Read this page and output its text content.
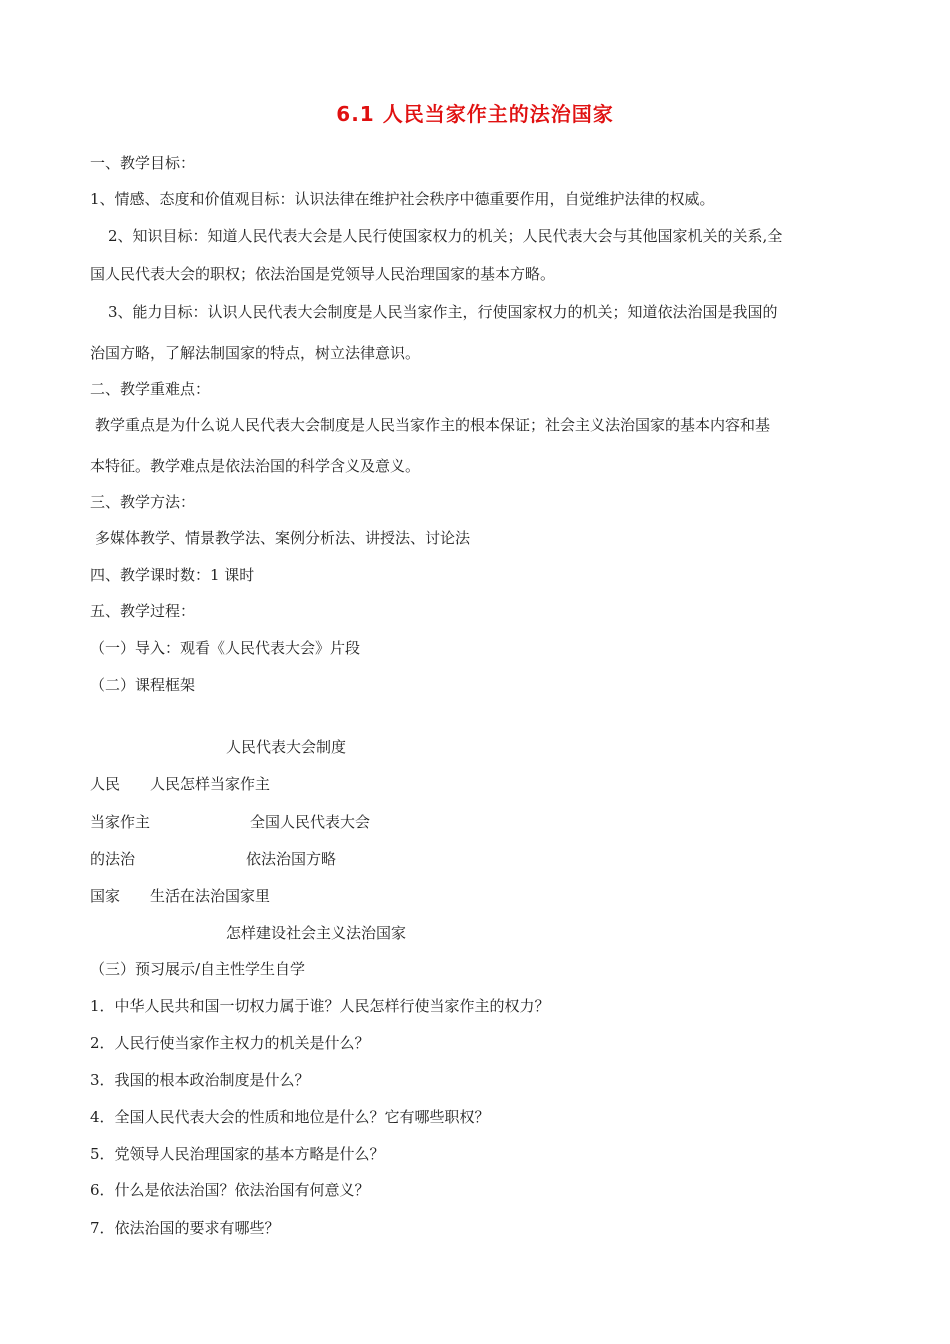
6.1 人民当家作主的法治国家
一、教学目标：
1、情感、态度和价值观目标：认识法律在维护社会秩序中德重要作用，自觉维护法律的权威。
2、知识目标：知道人民代表大会是人民行使国家权力的机关；人民代表大会与其他国家机关的关系,全
国人民代表大会的职权；依法治国是党领导人民治理国家的基本方略。
3、能力目标：认识人民代表大会制度是人民当家作主，行使国家权力的机关；知道依法治国是我国的
治国方略，了解法制国家的特点，树立法律意识。
二、教学重难点：
教学重点是为什么说人民代表大会制度是人民当家作主的根本保证；社会主义法治国家的基本内容和基
本特征。教学难点是依法治国的科学含义及意义。
三、教学方法：
多媒体教学、情景教学法、案例分析法、讲授法、讨论法
四、教学课时数：1 课时
五、教学过程：
（一）导入：观看《人民代表大会》片段
（二）课程框架
人民代表大会制度
人民 人民怎样当家作主
当家作主	全国人民代表大会
的法治	依法治国方略
国家 生活在法治国家里
怎样建设社会主义法治国家
（三）预习展示/自主性学生自学
1．中华人民共和国一切权力属于谁？人民怎样行使当家作主的权力？
2．人民行使当家作主权力的机关是什么？
3．我国的根本政治制度是什么？
4．全国人民代表大会的性质和地位是什么？它有哪些职权？
5．党领导人民治理国家的基本方略是什么？
6．什么是依法治国？依法治国有何意义？
7．依法治国的要求有哪些？
